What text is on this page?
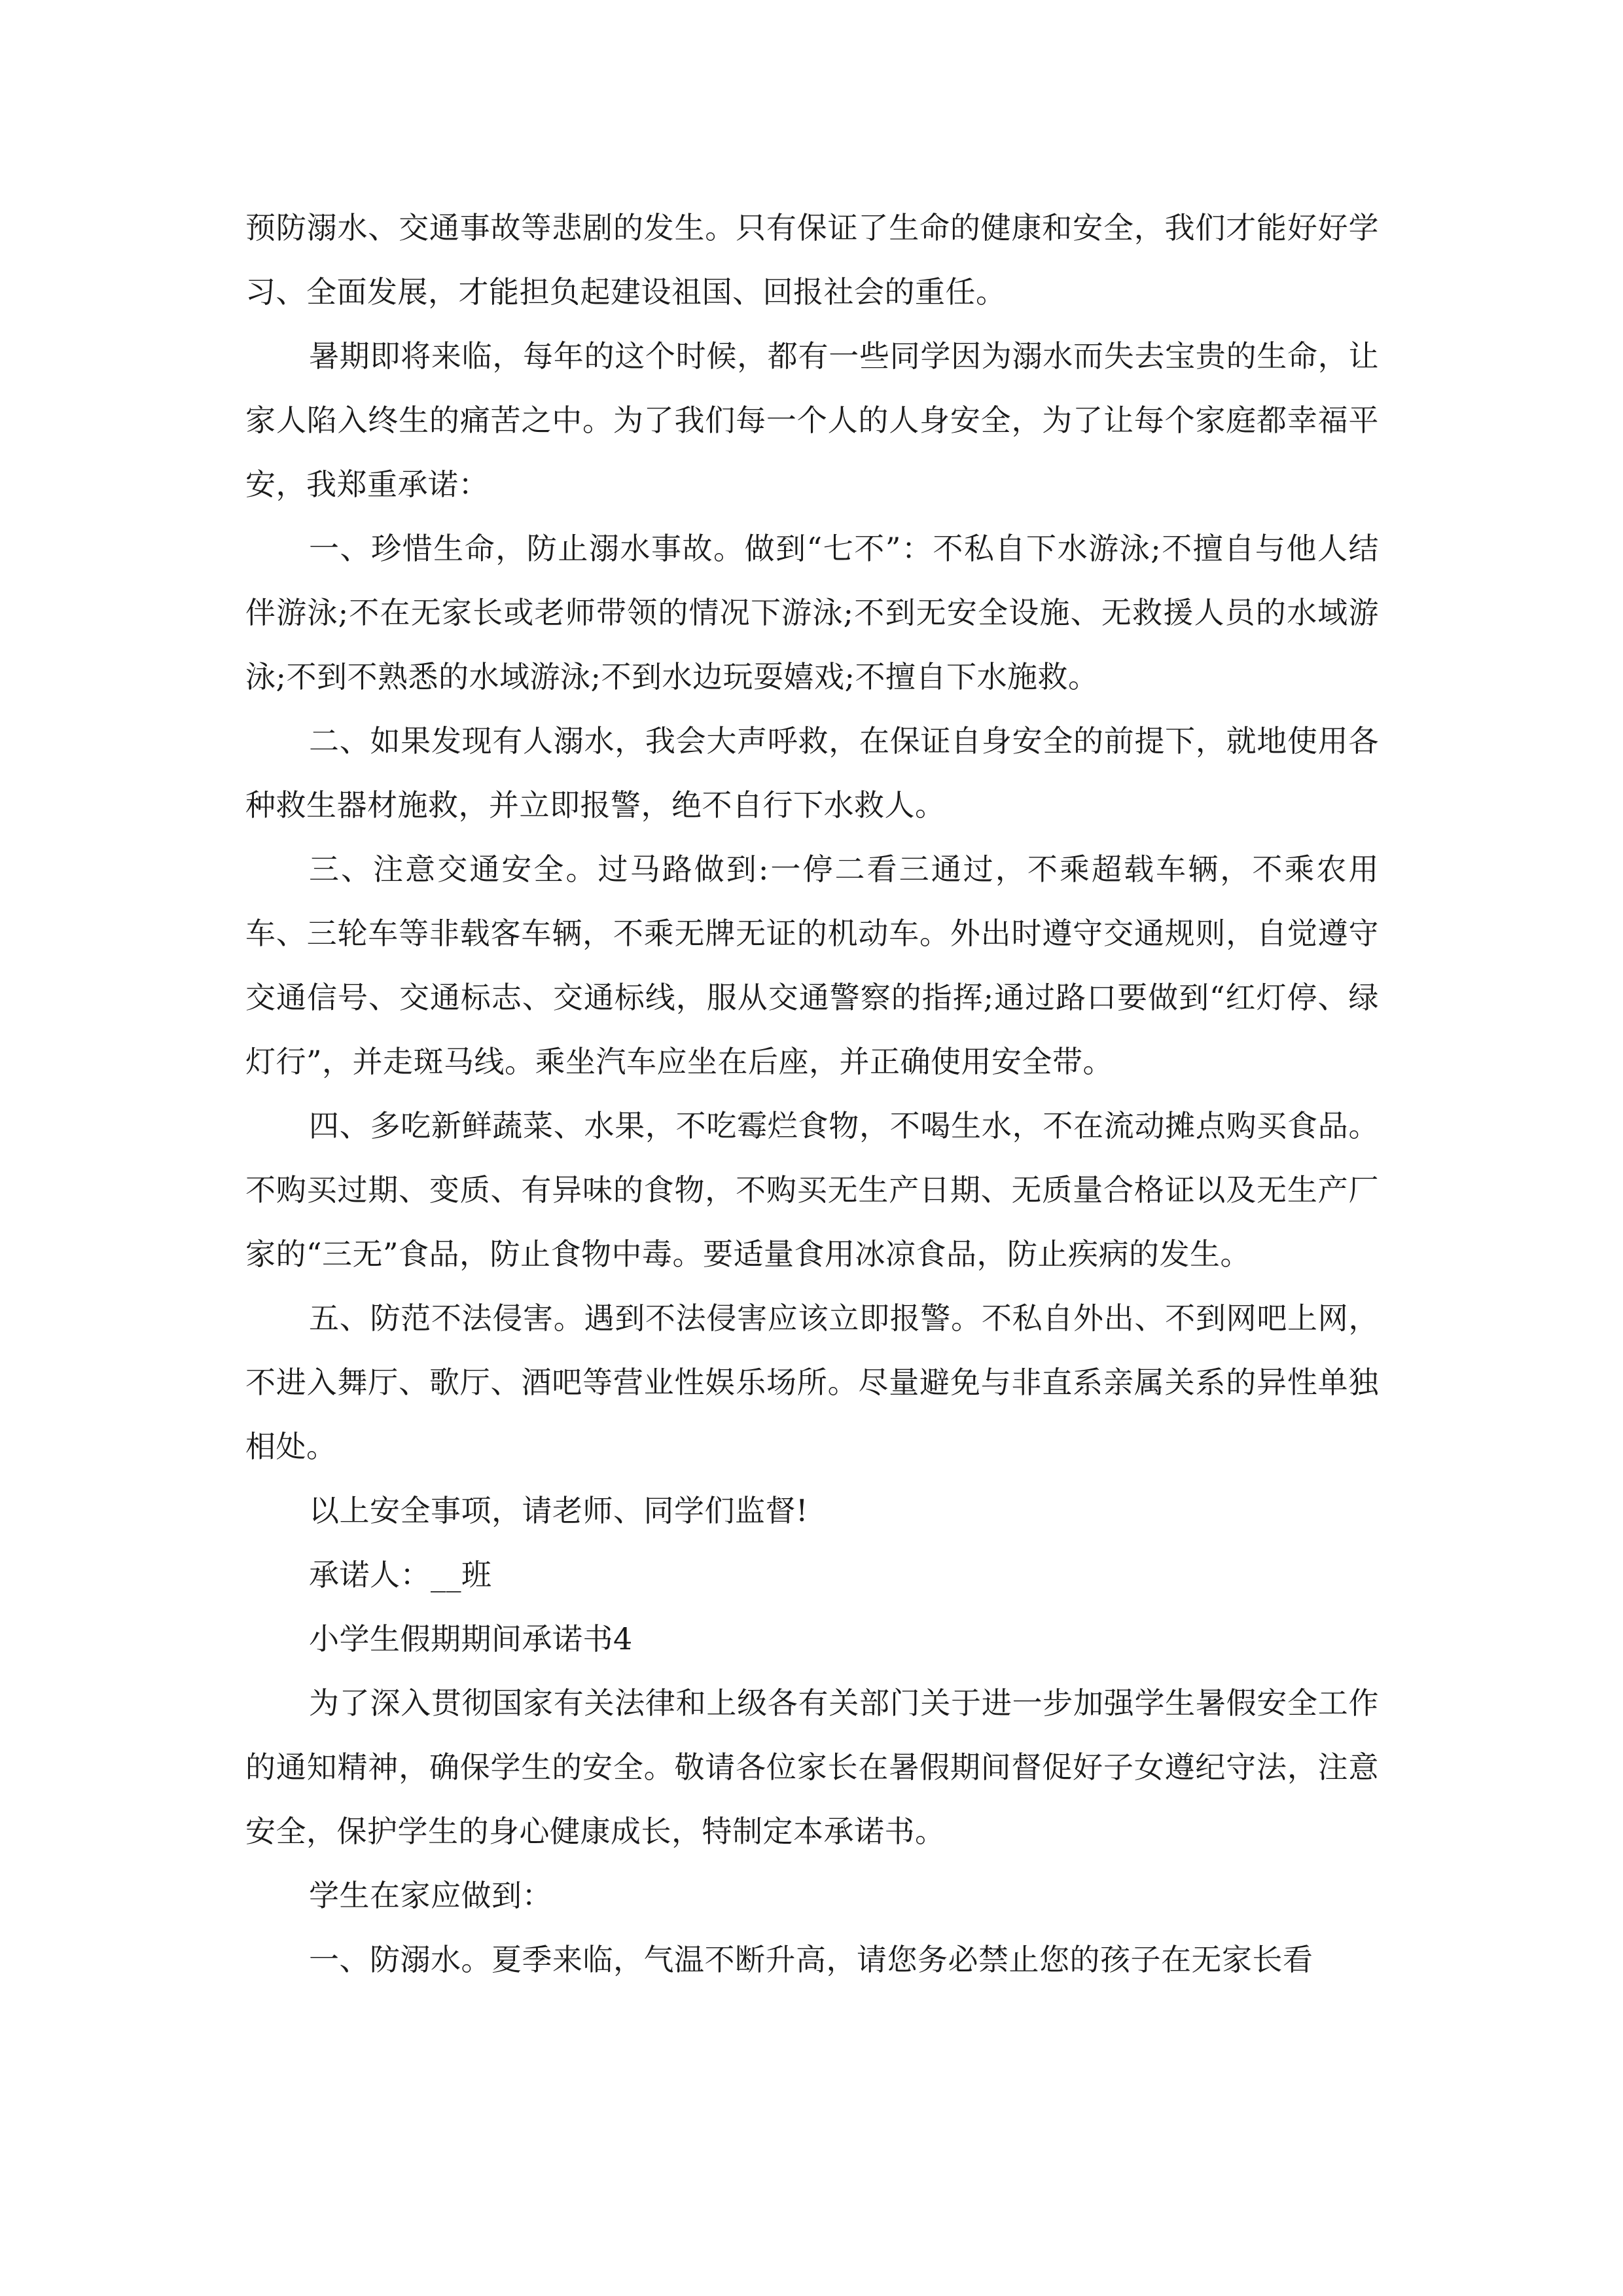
预防溺水、交通事故等悲剧的发生。只有保证了生命的健康和安全，我们才能好好学习、全面发展，才能担负起建设祖国、回报社会的重任。

暑期即将来临，每年的这个时候，都有一些同学因为溺水而失去宝贵的生命，让家人陷入终生的痛苦之中。为了我们每一个人的人身安全，为了让每个家庭都幸福平安，我郑重承诺：

一、珍惜生命，防止溺水事故。做到“七不”：不私自下水游泳;不擅自与他人结伴游泳;不在无家长或老师带领的情况下游泳;不到无安全设施、无救援人员的水域游泳;不到不熟悉的水域游泳;不到水边玩耍嬉戏;不擅自下水施救。

二、如果发现有人溺水，我会大声呼救，在保证自身安全的前提下，就地使用各种救生器材施救，并立即报警，绝不自行下水救人。

三、注意交通安全。过马路做到:一停二看三通过，不乘超载车辆，不乘农用车、三轮车等非载客车辆，不乘无牌无证的机动车。外出时遵守交通规则，自觉遵守交通信号、交通标志、交通标线，服从交通警察的指挥;通过路口要做到“红灯停、绿灯行”，并走斑马线。乘坐汽车应坐在后座，并正确使用安全带。

四、多吃新鲜蔬菜、水果，不吃霉烂食物，不喝生水，不在流动摊点购买食品。不购买过期、变质、有异味的食物，不购买无生产日期、无质量合格证以及无生产厂家的“三无”食品，防止食物中毒。要适量食用冰凉食品，防止疾病的发生。

五、防范不法侵害。遇到不法侵害应该立即报警。不私自外出、不到网吧上网，不进入舞厅、歌厅、酒吧等营业性娱乐场所。尽量避免与非直系亲属关系的异性单独相处。

以上安全事项，请老师、同学们监督!

承诺人：__班

小学生假期期间承诺书4

为了深入贯彻国家有关法律和上级各有关部门关于进一步加强学生暑假安全工作的通知精神，确保学生的安全。敬请各位家长在暑假期间督促好子女遵纪守法，注意安全，保护学生的身心健康成长，特制定本承诺书。

学生在家应做到：

一、防溺水。夏季来临，气温不断升高，请您务必禁止您的孩子在无家长看
